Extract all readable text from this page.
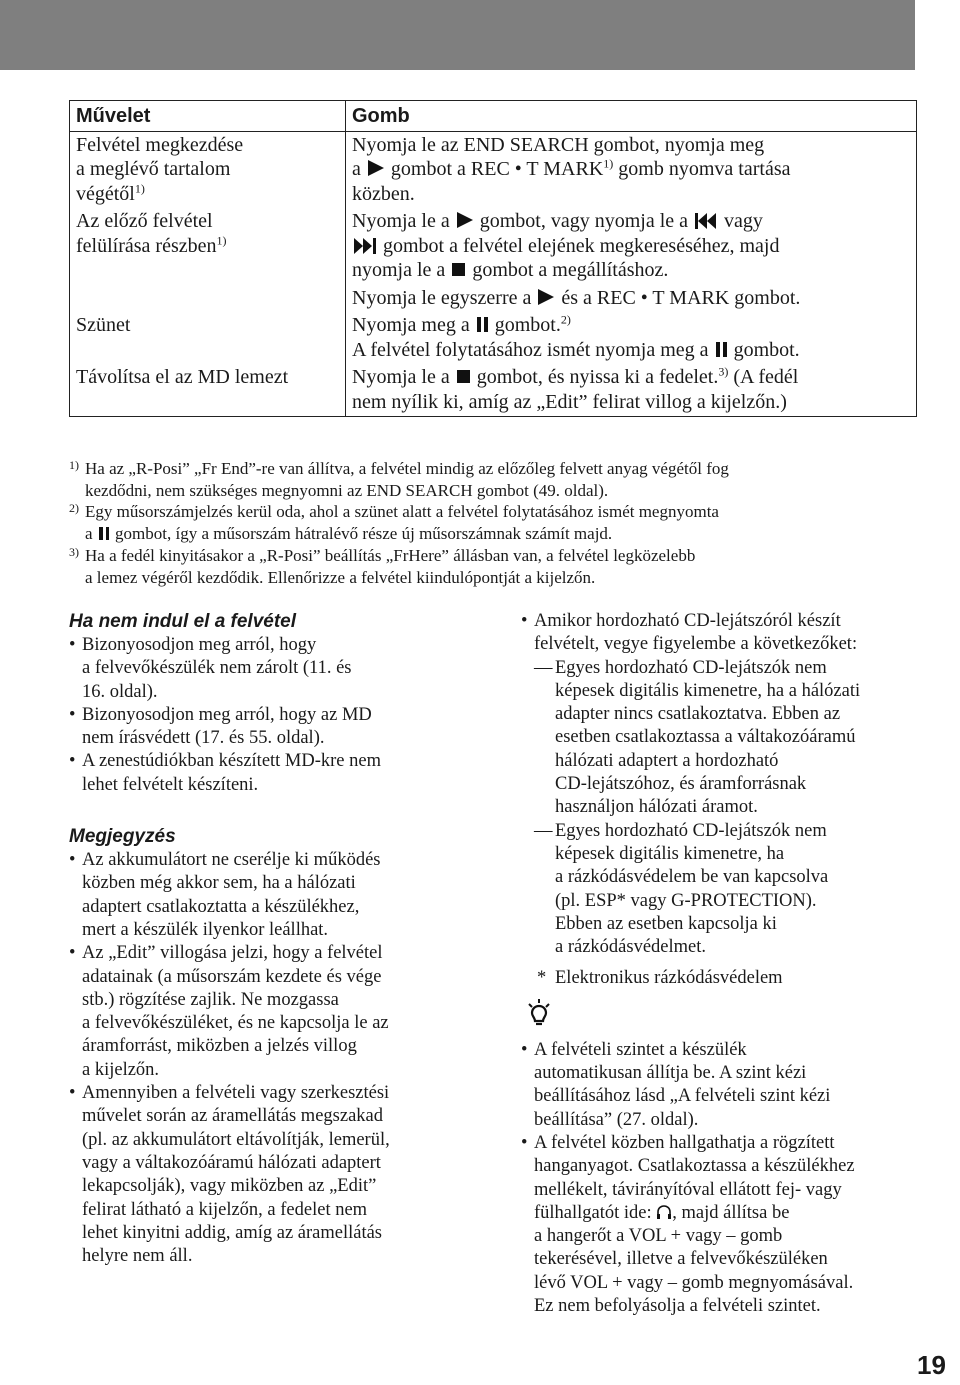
Művelet	Gomb

Felvétel megkezdése
a meglévő tartalom
végétől$^{1)}$	Nyomja le az END SEARCH gombot, nyomja meg
a gombot a REC • T MARK$^{1)}$ gomb nyomva tartása
közben.

Az előző felvétel
felülírása részben$^{1)}$	Nyomja le a gombot, vagy nyomja le a vagy
gombot a felvétel elejének megkereséséhez, majd
nyomja le a gombot a megállításhoz.
Nyomja le egyszerre a és a REC • T MARK gombot.

Szünet	Nyomja meg a gombot.$^{2)}$
A felvétel folytatásához ismét nyomja meg a gombot.

Távolítsa el az MD lemezt	Nyomja le a gombot, és nyissa ki a fedelet.$^{3)}$ (A fedél
nem nyílik ki, amíg az „Edit” felirat villog a kijelzőn.)
1) Ha az „R-Posi” „Fr End”-re van állítva, a felvétel mindig az előzőleg felvett anyag végétől fog
kezdődni, nem szükséges megnyomni az END SEARCH gombot (49. oldal).
2) Egy műsorszámjelzés kerül oda, ahol a szünet alatt a felvétel folytatásához ismét megnyomta
a gombot, így a műsorszám hátralévő része új műsorszámnak számít majd.
3) Ha a fedél kinyitásakor a „R-Posi” beállítás „FrHere” állásban van, a felvétel legközelebb
a lemez végéről kezdődik. Ellenőrizze a felvétel kiindulópontját a kijelzőn.

Ha nem indul el a felvétel

• Bizonyosodjon meg arról, hogy
a felvevőkészülék nem zárolt (11. és
16. oldal).

• Bizonyosodjon meg arról, hogy az MD
nem írásvédett (17. és 55. oldal).

• A zenestúdiókban készített MD-kre nem
lehet felvételt készíteni.

Megjegyzés

• Az akkumulátort ne cserélje ki működés
közben még akkor sem, ha a hálózati
adaptert csatlakoztatta a készülékhez,
mert a készülék ilyenkor leállhat.

• Az „Edit” villogása jelzi, hogy a felvétel
adatainak (a műsorszám kezdete és vége
stb.) rögzítése zajlik. Ne mozgassa
a felvevőkészüléket, és ne kapcsolja le az
áramforrást, miközben a jelzés villog
a kijelzőn.

• Amennyiben a felvételi vagy szerkesztési
művelet során az áramellátás megszakad
(pl. az akkumulátort eltávolítják, lemerül,
vagy a váltakozóáramú hálózati adaptert
lekapcsolják), vagy miközben az „Edit”
felirat látható a kijelzőn, a fedelet nem
lehet kinyitni addig, amíg az áramellátás
helyre nem áll.

• Amikor hordozható CD-lejátszóról készít
felvételt, vegye figyelembe a következőket:

— Egyes hordozható CD-lejátszók nem
képesek digitális kimenetre, ha a hálózati
adapter nincs csatlakoztatva. Ebben az
esetben csatlakoztassa a váltakozóáramú
hálózati adaptert a hordozható
CD-lejátszóhoz, és áramforrásnak
használjon hálózati áramot.

— Egyes hordozható CD-lejátszók nem
képesek digitális kimenetre, ha
a rázkódásvédelem be van kapcsolva
(pl. ESP* vagy G-PROTECTION).
Ebben az esetben kapcsolja ki
a rázkódásvédelmet.

* Elektronikus rázkódásvédelem

• A felvételi szintet a készülék
automatikusan állítja be. A szint kézi
beállításához lásd „A felvételi szint kézi
beállítása” (27. oldal).

• A felvétel közben hallgathatja a rögzített
hanganyagot. Csatlakoztassa a készülékhez
mellékelt, távirányítóval ellátott fej- vagy
fülhallgatót ide: , majd állítsa be
a hangerőt a VOL + vagy – gomb
tekerésével, illetve a felvevőkészüléken
lévő VOL + vagy – gomb megnyomásával.
Ez nem befolyásolja a felvételi szintet.

19
